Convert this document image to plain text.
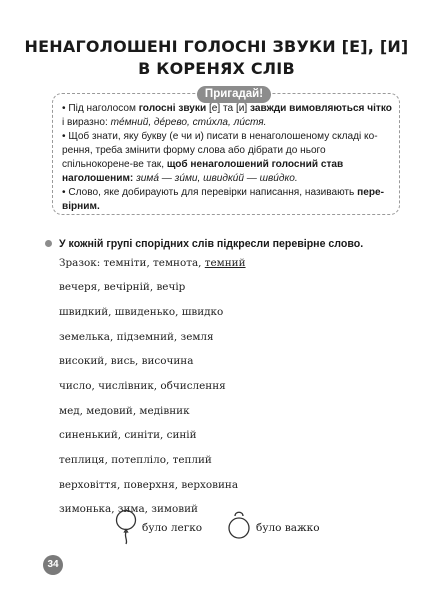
НЕНАГОЛОШЕНІ ГОЛОСНІ ЗВУКИ [Е], [И]
В КОРЕНЯХ СЛІВ
Пригадай!

• Під наголосом голосні звуки [е] та [и] завжди вимовляються чітко і виразно: тéмний, дéрево, стúхла, лúстя.

• Щоб знати, яку букву (е чи и) писати в ненаголошеному складі ко-рення, треба змінити форму слова або дібрати до нього спільнокорене-ве так, щоб ненаголошений голосний став наголошеним: зимá — зúми, швидкúй — швúдко.

• Слово, яке добираують для перевірки написання, називають пере-вірним.

У кожній групі спорідних слів підкресли перевірне слово.
Зразок: темніти, темнота, темний
вечеря, вечірній, вечір
швидкий, швиденько, швидко
земелька, підземний, земля
високий, вись, височина
число, числівник, обчислення
мед, медовий, медівник
синенький, синіти, синій
теплиця, потепліло, теплий
верховіття, поверхня, верховина
зимонька, зима, зимовий
було легко	було важко
34
